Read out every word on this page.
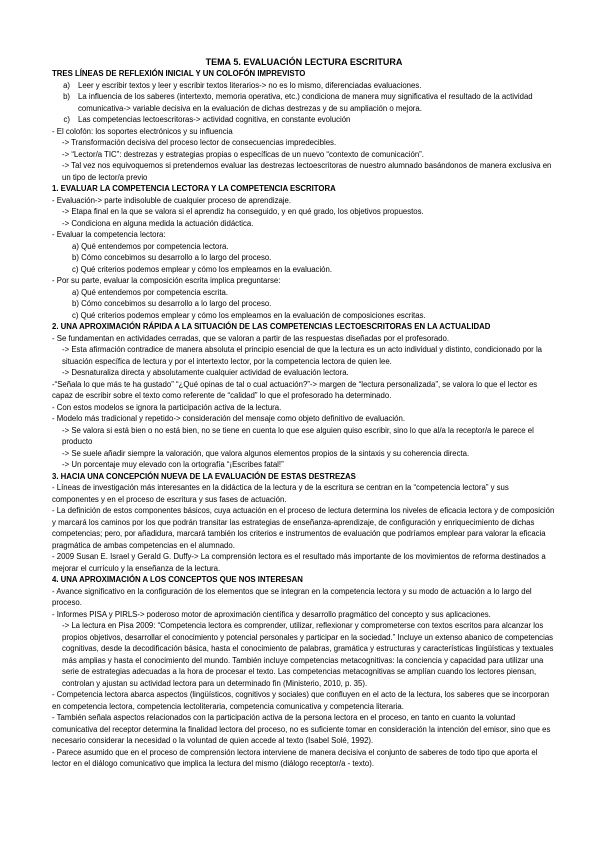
TEMA 5. EVALUACIÓN LECTURA ESCRITURA
TRES LÍNEAS DE REFLEXIÓN INICIAL Y UN COLOFÓN IMPREVISTO
a)	Leer y escribir textos y leer y escribir textos literarios-> no es lo mismo, diferenciadas evaluaciones.
b)	La influencia de los saberes (intertexto, memoria operativa, etc.) condiciona de manera muy significativa el resultado de la actividad comunicativa-> variable decisiva en la evaluación de dichas destrezas y de su ampliación o mejora.
c)	Las competencias lectoescritoras-> actividad cognitiva, en constante evolución
- El colofón: los soportes electrónicos y su influencia
-> Transformación decisiva del proceso lector de consecuencias impredecibles.
-> “Lector/a TIC”: destrezas y estrategias propias o específicas de un nuevo “contexto de comunicación”.
-> Tal vez nos equivoquemos si pretendemos evaluar las destrezas lectoescritoras de nuestro alumnado basándonos de manera exclusiva en un tipo de lector/a previo
1. EVALUAR LA COMPETENCIA LECTORA Y LA COMPETENCIA ESCRITORA
- Evaluación-> parte indisoluble de cualquier proceso de aprendizaje.
-> Etapa final en la que se valora si el aprendiz ha conseguido, y en qué grado, los objetivos propuestos.
-> Condiciona en alguna medida la actuación didáctica.
- Evaluar la competencia lectora:
a) Qué entendemos por competencia lectora.
b) Cómo concebimos su desarrollo a lo largo del proceso.
c) Qué criterios podemos emplear y cómo los empleamos en la evaluación.
- Por su parte, evaluar la composición escrita implica preguntarse:
a) Qué entendemos por competencia escrita.
b) Cómo concebimos su desarrollo a lo largo del proceso.
c) Qué criterios podemos emplear y cómo los empleamos en la evaluación de composiciones escritas.
2. UNA APROXIMACIÓN RÁPIDA A LA SITUACIÓN DE LAS COMPETENCIAS LECTOESCRITORAS EN LA ACTUALIDAD
- Se fundamentan en actividades cerradas, que se valoran a partir de las respuestas diseñadas por el profesorado.
-> Esta afirmación contradice de manera absoluta el principio esencial de que la lectura es un acto individual y distinto, condicionado por la situación específica de lectura y por el intertexto lector, por la competencia lectora de quien lee.
-> Desnaturaliza directa y absolutamente cualquier actividad de evaluación lectora.
-“Señala lo que más te ha gustado” “¿Qué opinas de tal o cual actuación?”-> margen de “lectura personalizada”, se valora lo que el lector es capaz de escribir sobre el texto como referente de “calidad” lo que el profesorado ha determinado.
- Con estos modelos se ignora la participación activa de la lectura.
- Modelo más tradicional y repetido-> consideración del mensaje como objeto definitivo de evaluación.
-> Se valora si está bien o no está bien, no se tiene en cuenta lo que ese alguien quiso escribir, sino lo que al/a la receptor/a le parece el producto
-> Se suele añadir siempre la valoración, que valora algunos elementos propios de la sintaxis y su coherencia directa.
-> Un porcentaje muy elevado con la ortografía “¡Escribes fatal!”
3. HACIA UNA CONCEPCIÓN NUEVA DE LA EVALUACIÓN DE ESTAS DESTREZAS
- Líneas de investigación más interesantes en la didáctica de la lectura y de la escritura se centran en la “competencia lectora” y sus componentes y en el proceso de escritura y sus fases de actuación.
- La definición de estos componentes básicos, cuya actuación en el proceso de lectura determina los niveles de eficacia lectora y de composición y marcará los caminos por los que podrán transitar las estrategias de enseñanza-aprendizaje, de configuración y enriquecimiento de dichas competencias; pero, por añadidura, marcará también los criterios e instrumentos de evaluación que podríamos emplear para valorar la eficacia pragmática de ambas competencias en el alumnado.
- 2009 Susan E. Israel y Gerald G. Duffy-> La comprensión lectora es el resultado más importante de los movimientos de reforma destinados a mejorar el currículo y la enseñanza de la lectura.
4. UNA APROXIMACIÓN A LOS CONCEPTOS QUE NOS INTERESAN
- Avance significativo en la configuración de los elementos que se integran en la competencia lectora y su modo de actuación a lo largo del proceso.
- Informes PISA y PIRLS-> poderoso motor de aproximación científica y desarrollo pragmático del concepto y sus aplicaciones.
-> La lectura en Pisa 2009: “Competencia lectora es comprender, utilizar, reflexionar y comprometerse con textos escritos para alcanzar los propios objetivos, desarrollar el conocimiento y potencial personales y participar en la sociedad.” Incluye un extenso abanico de competencias cognitivas, desde la decodificación básica, hasta el conocimiento de palabras, gramática y estructuras y características lingüísticas y textuales más amplias y hasta el conocimiento del mundo. También incluye competencias metacognitivas: la conciencia y capacidad para utilizar una serie de estrategias adecuadas a la hora de procesar el texto. Las competencias metacognitivas se amplían cuando los lectores piensan, controlan y ajustan su actividad lectora para un determinado fin (Ministerio, 2010, p. 35).
- Competencia lectora abarca aspectos (lingüísticos, cognitivos y sociales) que confluyen en el acto de la lectura, los saberes que se incorporan en competencia lectora, competencia lectoliteraria, competencia comunicativa y competencia literaria.
- También señala aspectos relacionados con la participación activa de la persona lectora en el proceso, en tanto en cuanto la voluntad comunicativa del receptor determina la finalidad lectora del proceso, no es suficiente tomar en consideración la intención del emisor, sino que es necesario considerar la necesidad o la voluntad de quien accede al texto (Isabel Solé, 1992).
- Parece asumido que en el proceso de comprensión lectora interviene de manera decisiva el conjunto de saberes de todo tipo que aporta el lector en el diálogo comunicativo que implica la lectura del mismo (diálogo receptor/a - texto).
